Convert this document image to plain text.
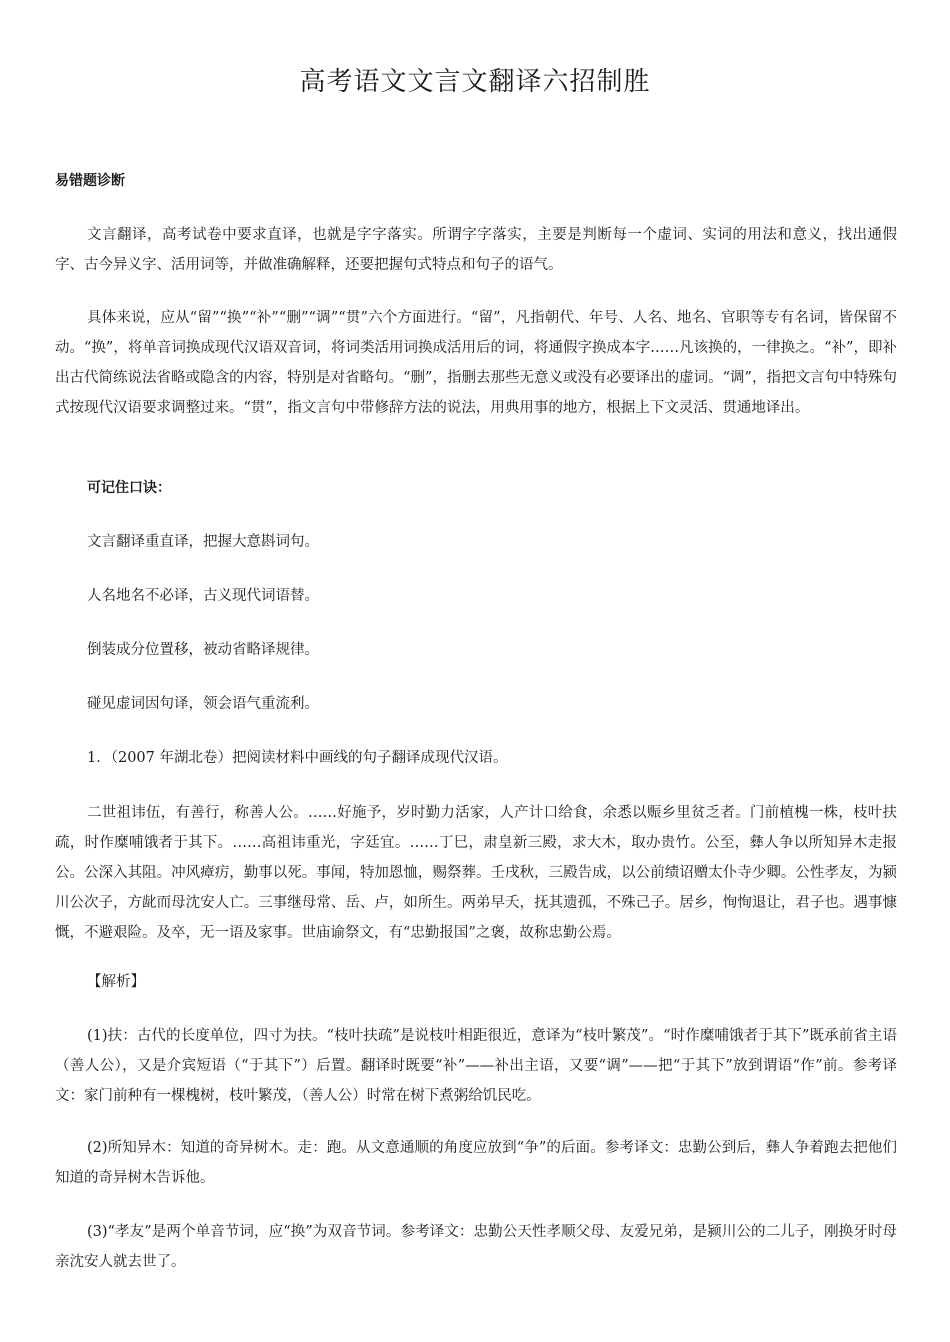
高考语文文言文翻译六招制胜
易错题诊断

文言翻译，高考试卷中要求直译，也就是字字落实。所谓字字落实，主要是判断每一个虚词、实词的用法和意义，找出通假字、古今异义字、活用词等，并做准确解释，还要把握句式特点和句子的语气。

具体来说，应从“留”“换”“补”“删”“调”“贯”六个方面进行。“留”，凡指朝代、年号、人名、地名、官职等专有名词，皆保留不动。“换”，将单音词换成现代汉语双音词，将词类活用词换成活用后的词，将通假字换成本字……凡该换的，一律换之。“补”，即补出古代简练说法省略或隐含的内容，特别是对省略句。“删”，指删去那些无意义或没有必要译出的虚词。“调”，指把文言句中特殊句式按现代汉语要求调整过来。“贯”，指文言句中带修辞方法的说法，用典用事的地方，根据上下文灵活、贯通地译出。

可记住口诀：
文言翻译重直译，把握大意斟词句。
人名地名不必译，古义现代词语替。
倒装成分位置移，被动省略译规律。
碰见虚词因句译，领会语气重流利。
1．（2007 年湖北卷）把阅读材料中画线的句子翻译成现代汉语。

二世祖讳伍，有善行，称善人公。……好施予，岁时勤力活家，人产计口给食，余悉以赈乡里贫乏者。门前植槐一株，枝叶扶疏，时作糜哺饿者于其下。……高祖讳重光，字廷宜。……丁巳，肃皇新三殿，求大木，取办贵竹。公至，彝人争以所知异木走报公。公深入其阻。冲风瘴疠，勤事以死。事闻，特加恩恤，赐祭葬。壬戌秋，三殿告成，以公前绩诏赠太仆寺少卿。公性孝友，为颍川公次子，方龀而母沈安人亡。三事继母常、岳、卢，如所生。两弟早夭，抚其遗孤，不殊己子。居乡，恂恂退让，君子也。遇事慷慨，不避艰险。及卒，无一语及家事。世庙谕祭文，有“忠勤报国”之褒，故称忠勤公焉。

【解析】

(1)扶：古代的长度单位，四寸为扶。“枝叶扶疏”是说枝叶相距很近，意译为“枝叶繁茂”。“时作糜哺饿者于其下”既承前省主语（善人公），又是介宾短语（“于其下”）后置。翻译时既要“补”——补出主语，又要“调”——把“于其下”放到谓语“作”前。参考译文：家门前种有一棵槐树，枝叶繁茂，（善人公）时常在树下煮粥给饥民吃。

(2)所知异木：知道的奇异树木。走：跑。从文意通顺的角度应放到“争”的后面。参考译文：忠勤公到后，彝人争着跑去把他们知道的奇异树木告诉他。

(3)“孝友”是两个单音节词，应“换”为双音节词。参考译文：忠勤公天性孝顺父母、友爱兄弟，是颍川公的二儿子，刚换牙时母亲沈安人就去世了。
